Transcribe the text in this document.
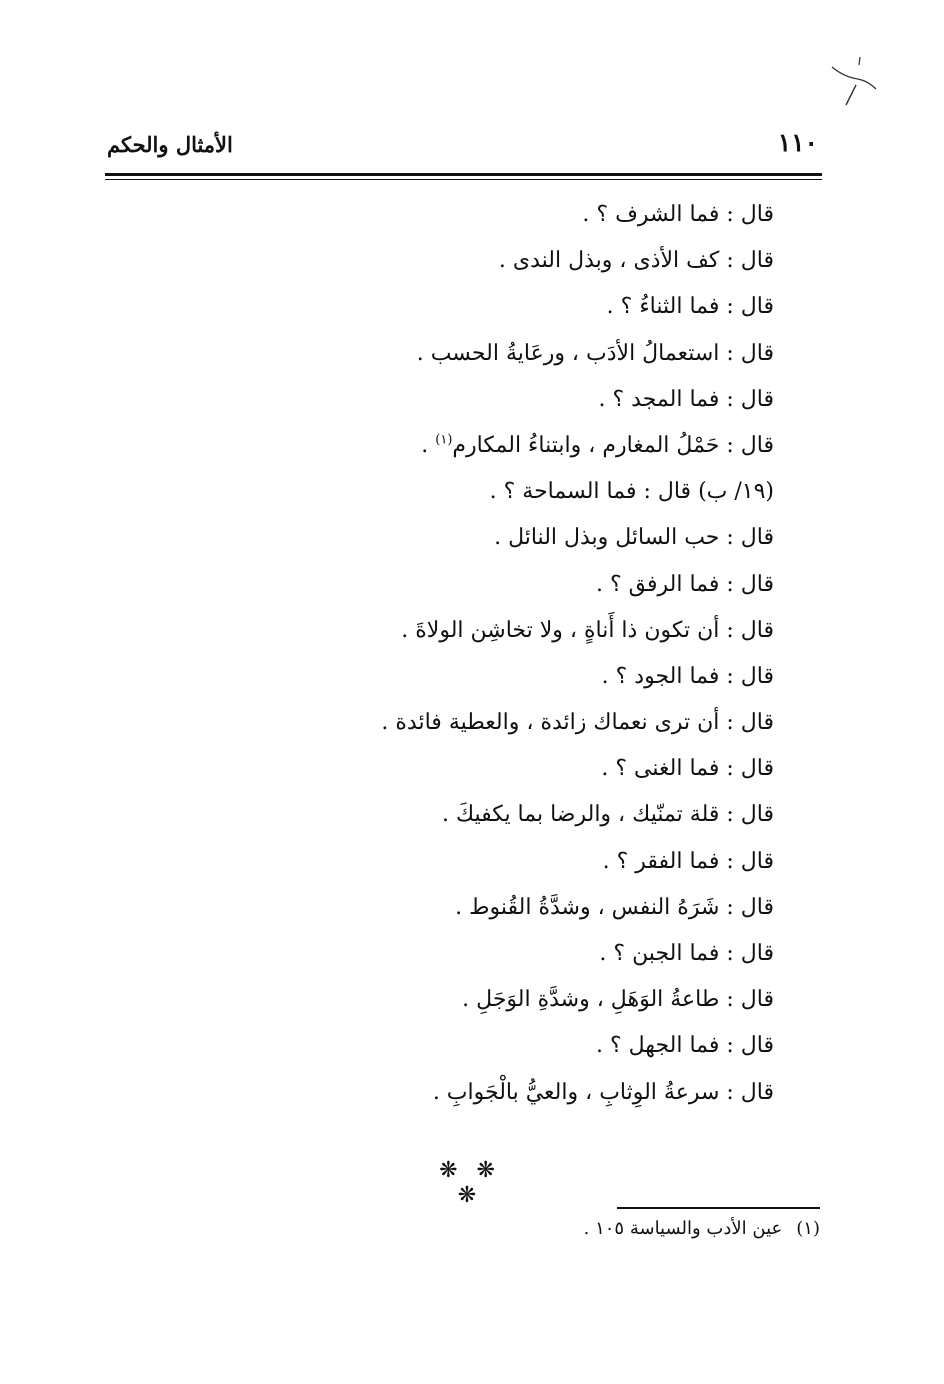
١١٠
الأمثال والحكم
قال : فما الشرف ؟ .
قال : كف الأذى ، وبذل الندى .
قال : فما الثناءُ ؟ .
قال : استعمالُ الأدَب ، ورعَايةُ الحسب .
قال : فما المجد ؟ .
قال : حَمْلُ المغارم ، وابتناءُ المكارم$^{(١)}$ .
(١٩/ ب) قال : فما السماحة ؟ .
قال : حب السائل وبذل النائل .
قال : فما الرفق ؟ .
قال : أن تكون ذا أَناةٍ ، ولا تخاشِن الولاةَ .
قال : فما الجود ؟ .
قال : أن ترى نعماك زائدة ، والعطية فائدة .
قال : فما الغنى ؟ .
قال : قلة تمنّيك ، والرضا بما يكفيكَ .
قال : فما الفقر ؟ .
قال : شَرَهُ النفس ، وشدَّةُ القُنوط .
قال : فما الجبن ؟ .
قال : طاعةُ الوَهَلِ ، وشدَّةِ الوَجَلِ .
قال : فما الجهل ؟ .
قال : سرعةُ الوِثابِ ، والعيُّ بالْجَوابِ .
❋ ❋ ❋
(١)عين الأدب والسياسة ١٠٥ .
